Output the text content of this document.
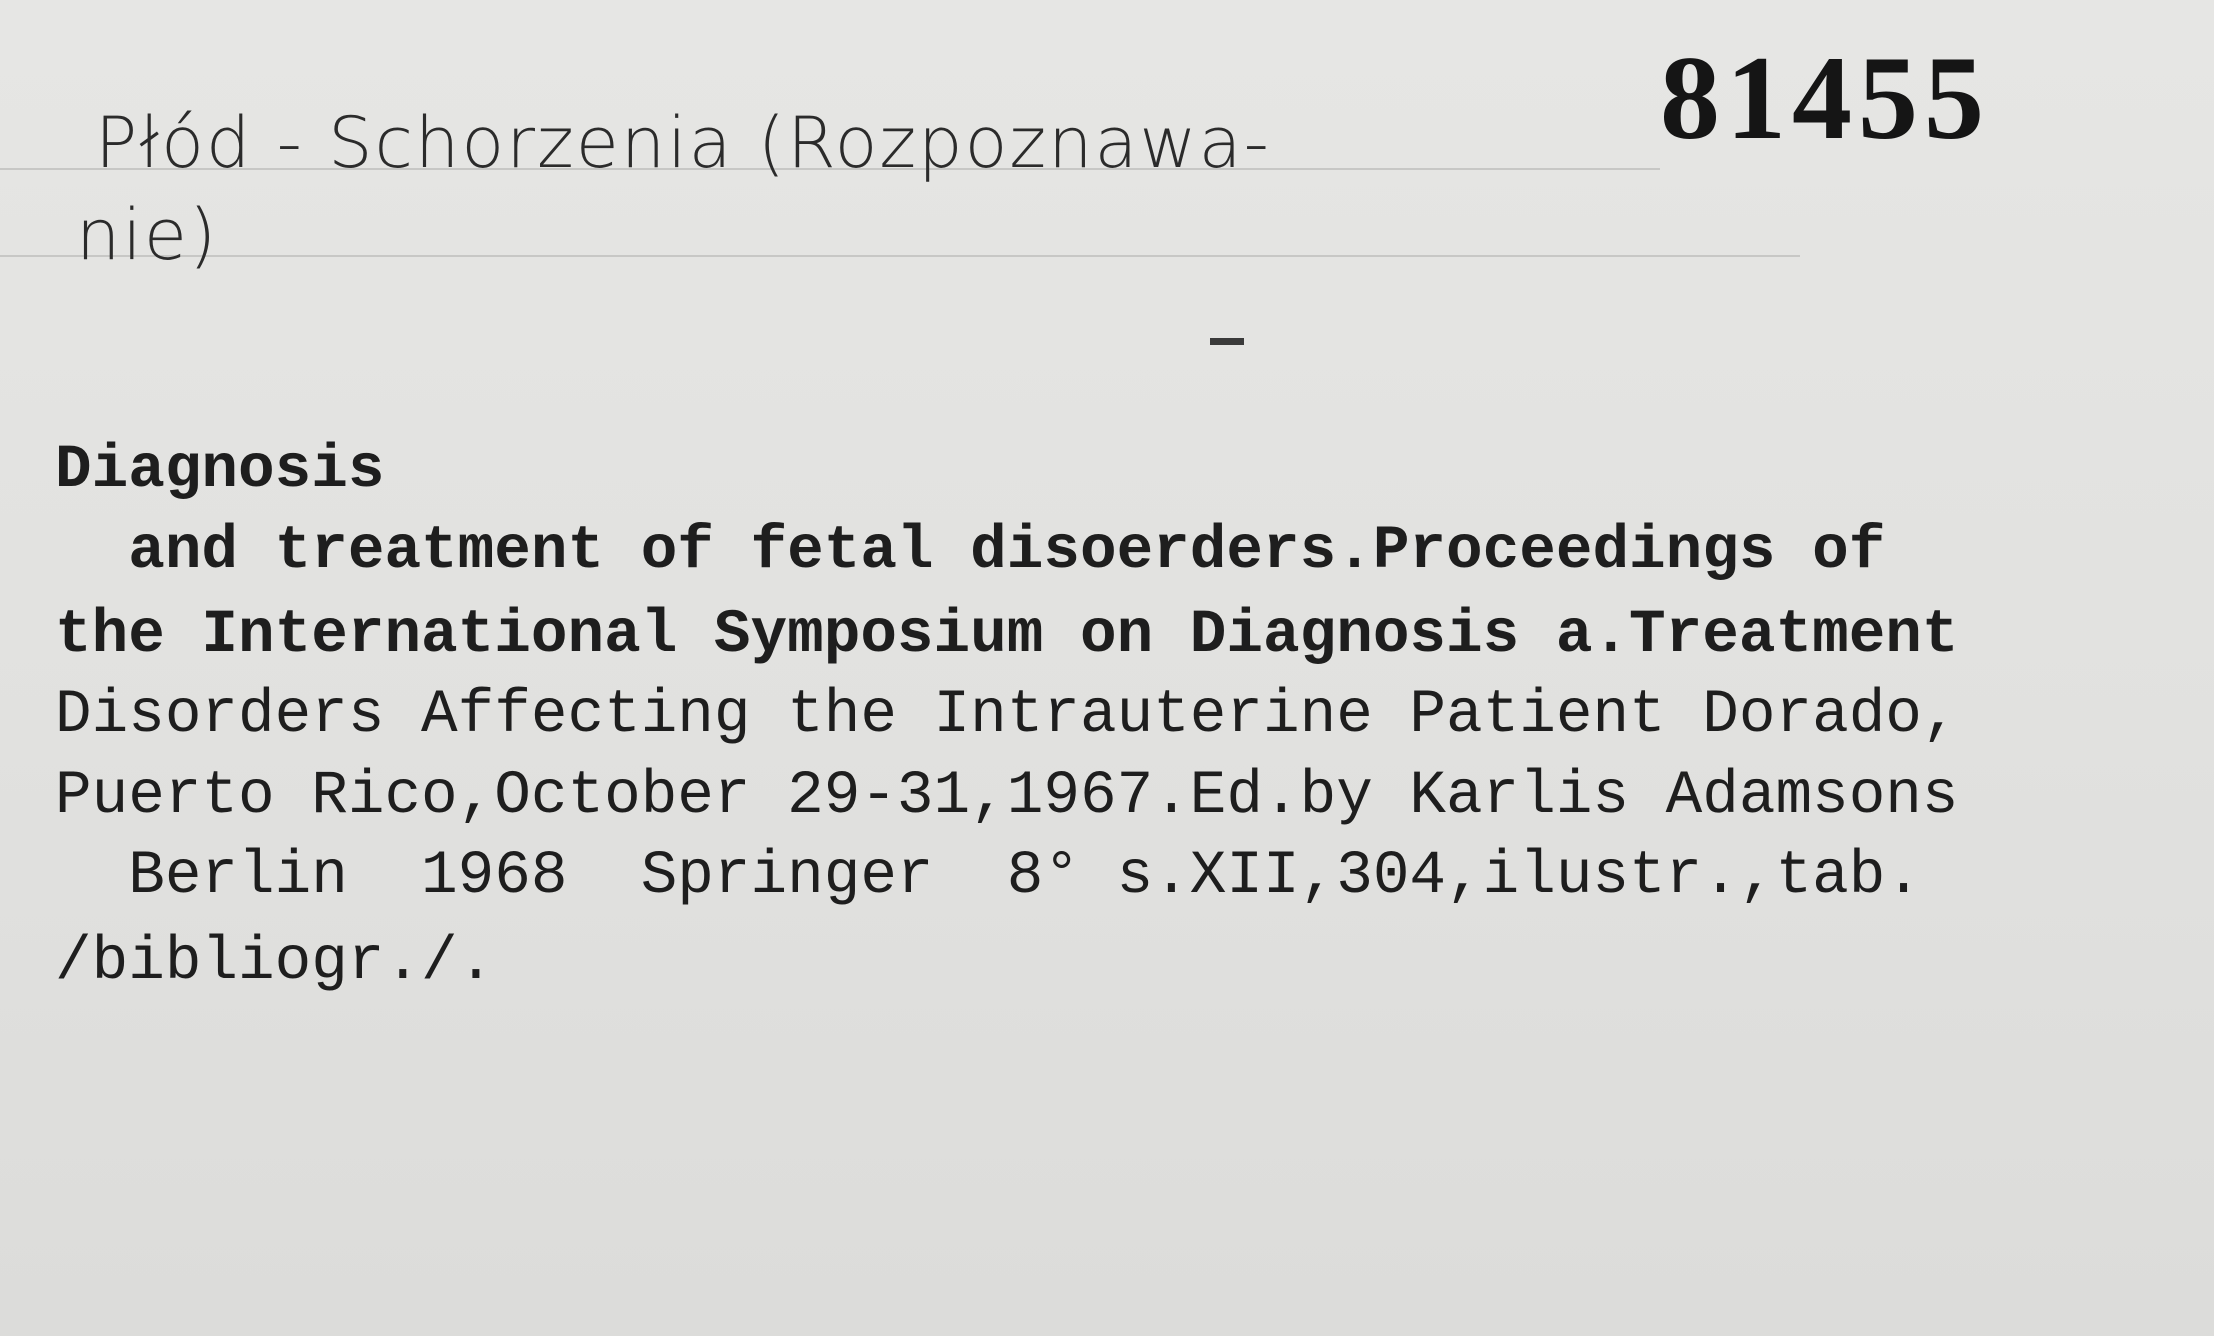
Płód - Schorzenia (Rozpoznawa-
nie)
81455
Diagnosis
and treatment of fetal disoerders.Proceedings of
the International Symposium on Diagnosis a.Treatment
Disorders Affecting the Intrauterine Patient Dorado,
Puerto Rico,October 29-31,1967.Ed.by Karlis Adamsons
Berlin  1968  Springer  8° s.XII,304,ilustr.,tab.
/bibliogr./.
